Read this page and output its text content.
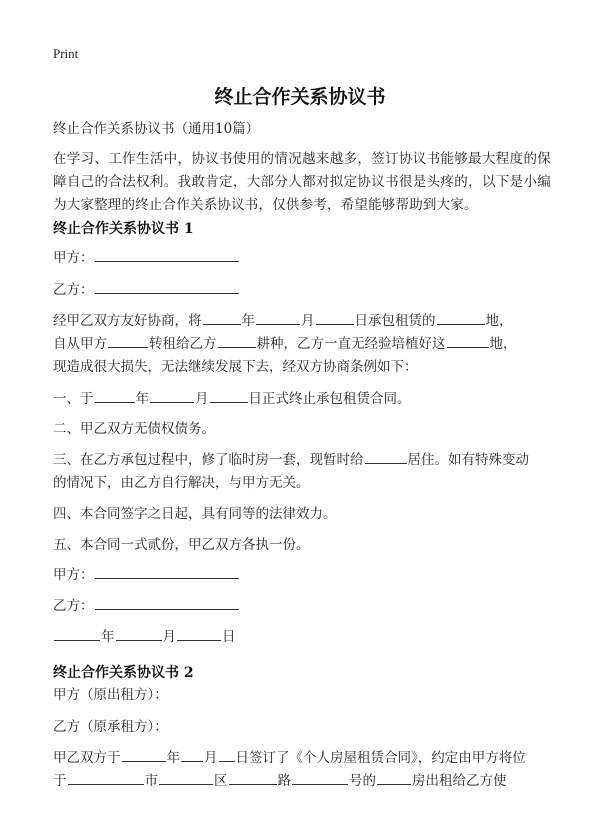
Print
终止合作关系协议书
终止合作关系协议书（通用10篇）
在学习、工作生活中，协议书使用的情况越来越多，签订协议书能够最大程度的保障自己的合法权利。我敢肯定，大部分人都对拟定协议书很是头疼的，以下是小编为大家整理的终止合作关系协议书，仅供参考，希望能够帮助到大家。
终止合作关系协议书 1
甲方：
乙方：
经甲乙双方友好协商，将	年	月	日承包租赁的	地，
自从甲方	转租给乙方	耕种，乙方一直无经验培植好这	地，
现造成很大损失，无法继续发展下去，经双方协商条例如下：
一、于	年	月	日正式终止承包租赁合同。
二、甲乙双方无债权债务。
三、在乙方承包过程中，修了临时房一套，现暂时给	居住。如有特殊变动
的情况下，由乙方自行解决，与甲方无关。
四、本合同签字之日起，具有同等的法律效力。
五、本合同一式贰份，甲乙双方各执一份。
甲方：
乙方：
年	月	日
终止合作关系协议书 2
甲方（原出租方）：
乙方（原承租方）：
甲乙双方于	年 月 日签订了《个人房屋租赁合同》，约定由甲方将位
于	市	区	路	号的	房出租给乙方使
